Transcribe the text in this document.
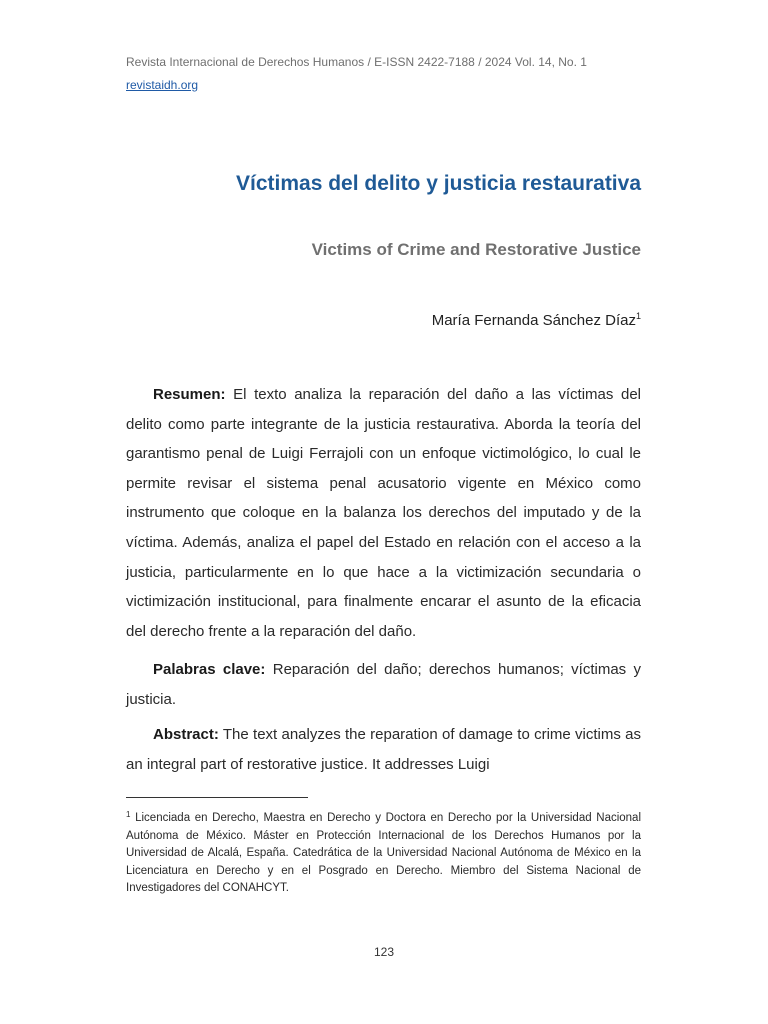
Revista Internacional de Derechos Humanos / E-ISSN 2422-7188 / 2024 Vol. 14, No. 1
revistaidh.org
Víctimas del delito y justicia restaurativa
Victims of Crime and Restorative Justice
María Fernanda Sánchez Díaz$^1$

Resumen: El texto analiza la reparación del daño a las víctimas del delito como parte integrante de la justicia restaurativa. Aborda la teoría del garantismo penal de Luigi Ferrajoli con un enfoque victimológico, lo cual le permite revisar el sistema penal acusatorio vigente en México como instrumento que coloque en la balanza los derechos del imputado y de la víctima. Además, analiza el papel del Estado en relación con el acceso a la justicia, particularmente en lo que hace a la victimización secundaria o victimización institucional, para finalmente encarar el asunto de la eficacia del derecho frente a la reparación del daño.

Palabras clave: Reparación del daño; derechos humanos; víctimas y justicia.

Abstract: The text analyzes the reparation of damage to crime victims as an integral part of restorative justice. It addresses Luigi

$^1$ Licenciada en Derecho, Maestra en Derecho y Doctora en Derecho por la Universidad Nacional Autónoma de México. Máster en Protección Internacional de los Derechos Humanos por la Universidad de Alcalá, España. Catedrática de la Universidad Nacional Autónoma de México en la Licenciatura en Derecho y en el Posgrado en Derecho. Miembro del Sistema Nacional de Investigadores del CONAHCYT.
123
